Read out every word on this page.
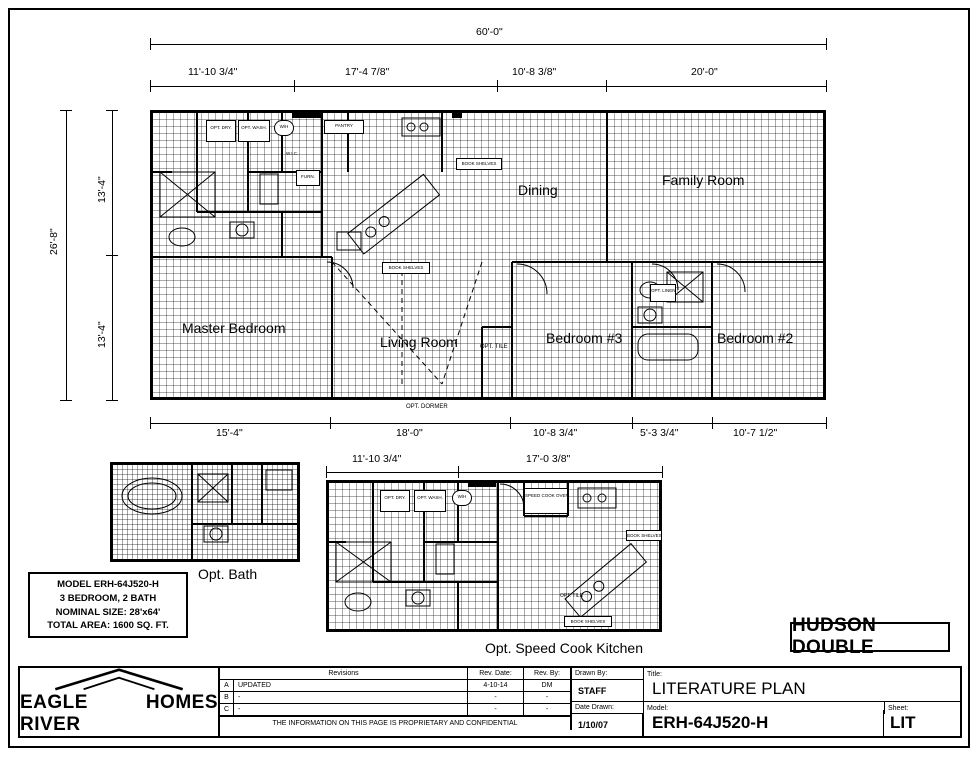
60'-0"
11'-10 3/4"	17'-4 7/8"	10'-8 3/8"	20'-0"
26'-8"
13'-4"
13'-4"	Master Bedroom
Living Room
Dining
Family Room
Bedroom #3	Bedroom #2
OPT. DRY.	OPT. WASH.	W/H	PANTRY
FURN.
W.I.C.
BOOK SHELVES
BOOK SHELVES
OPT. LINEN
OPT. TILE
OPT. DORMER
15'-4"	18'-0"	10'-8 3/4"	5'-3 3/4"	10'-7 1/2"
Opt. Bath
11'-10 3/4"	17'-0 3/8"
OPT. DRY.	OPT. WASH.	W/H	SPEED COOK OVEN
BOOK SHELVES
BOOK SHELVES
OPT. TILE
Opt. Speed Cook Kitchen
MODEL ERH-64J520-H
3 BEDROOM, 2 BATH
NOMINAL SIZE: 28'x64'
TOTAL AREA: 1600 SQ. FT.	HUDSON DOUBLE
EAGLE RIVER
HOMES
Revisions	Rev. Date:	Rev. By:
A UPDATED	4-10-14	DM
B -	-	-
C -	-	-
THE INFORMATION ON THIS PAGE IS PROPRIETARY AND CONFIDENTIAL
Drawn By:
STAFF
Date Drawn:
1/10/07
Title:
LITERATURE PLAN
Model:
ERH-64J520-H
Sheet:
LIT
